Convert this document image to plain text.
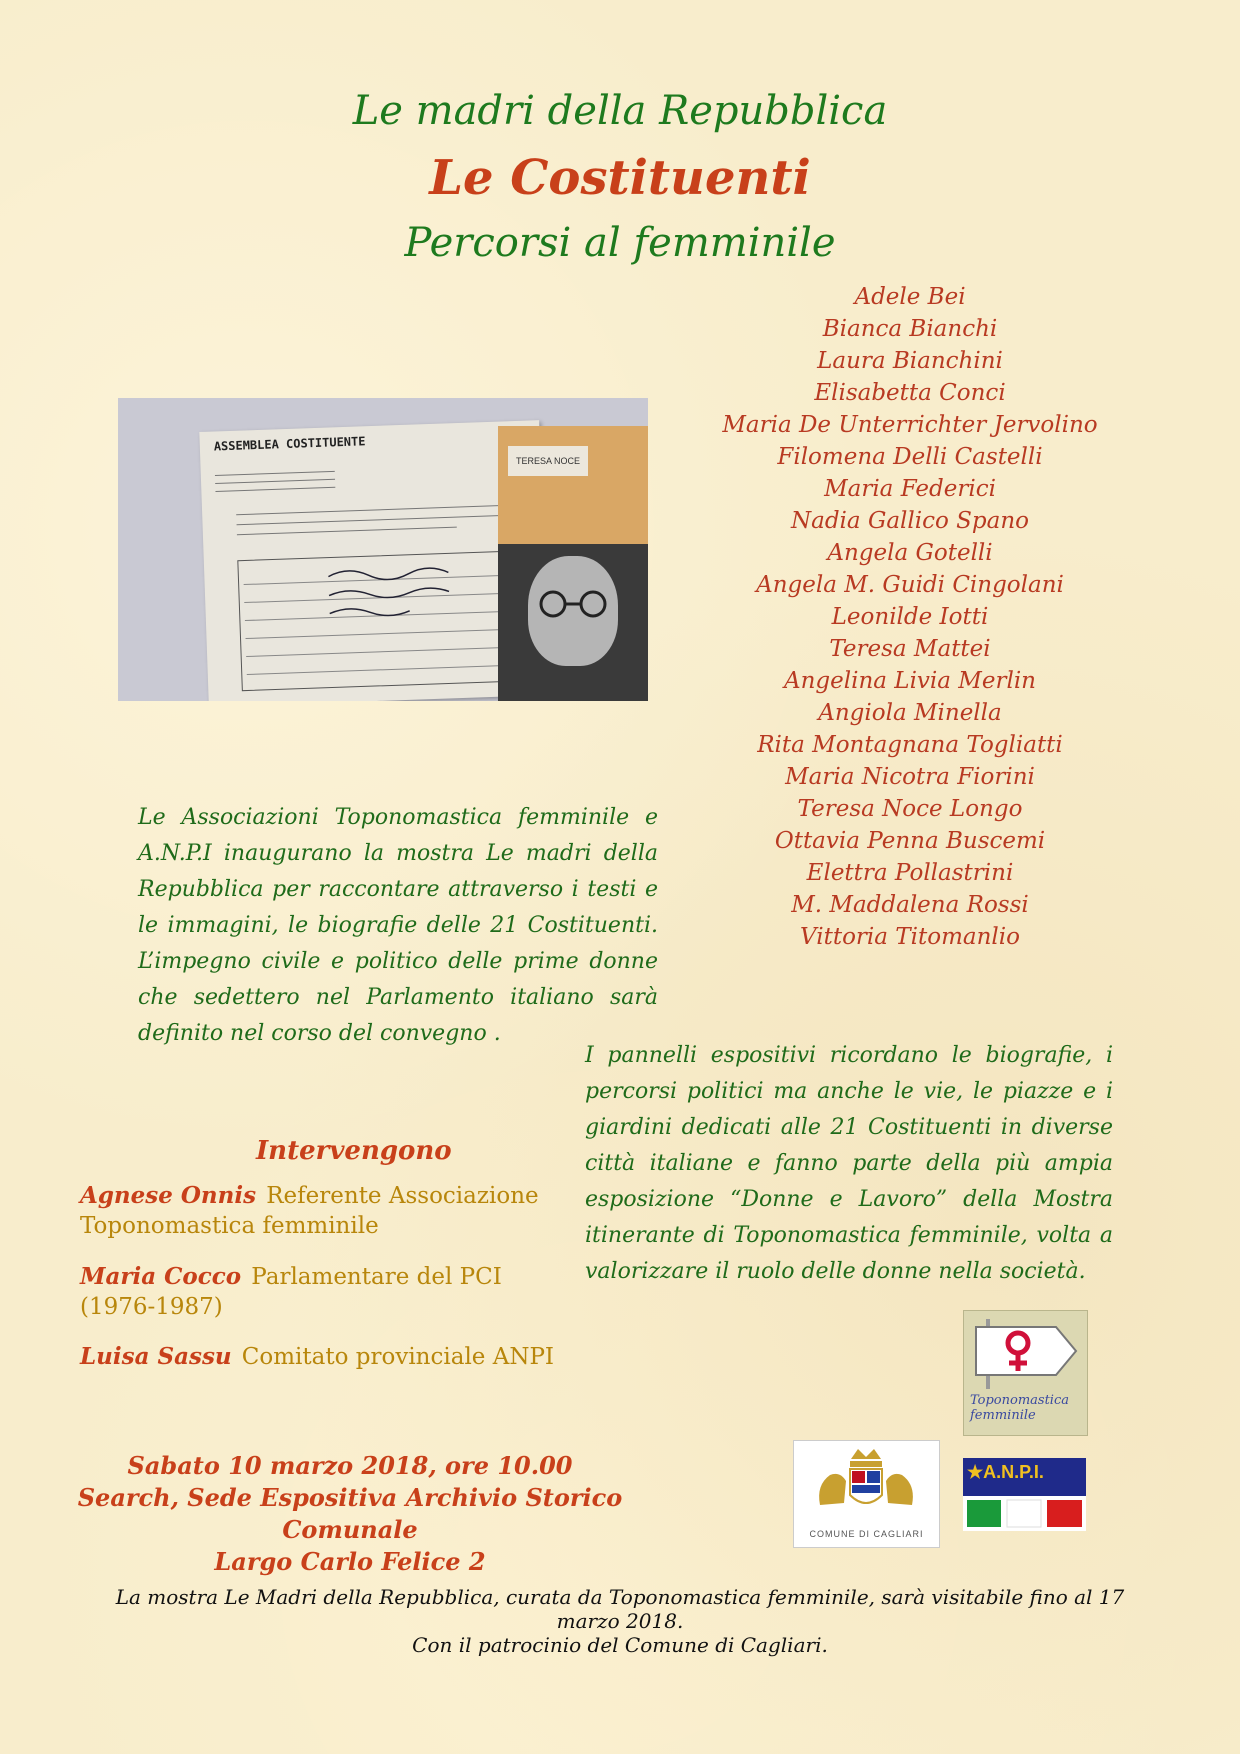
Le madri della Repubblica
Le Costituenti
Percorsi al femminile
Adele Bei
Bianca Bianchi
Laura Bianchini
Elisabetta Conci
Maria De Unterrichter Jervolino
Filomena Delli Castelli
Maria Federici
Nadia Gallico Spano
Angela Gotelli
Angela M. Guidi Cingolani
Leonilde Iotti
Teresa Mattei
Angelina Livia Merlin
Angiola Minella
Rita Montagnana Togliatti
Maria Nicotra Fiorini
Teresa Noce Longo
Ottavia Penna Buscemi
Elettra Pollastrini
M. Maddalena Rossi
Vittoria Titomanlio
ASSEMBLEA COSTITUENTE
TERESA NOCE
Le Associazioni Toponomastica femminile e A.N.P.I inaugurano la mostra Le madri della Repubblica per raccontare attraverso i testi e le immagini, le biografie delle 21 Costituenti. L’impegno civile e politico delle prime donne che sedettero nel Parlamento italiano sarà definito nel corso del convegno .
I pannelli espositivi ricordano le biografie, i percorsi politici ma anche le vie, le piazze e i giardini dedicati alle 21 Costituenti in diverse città italiane e fanno parte della più ampia esposizione “Donne e Lavoro” della Mostra itinerante di Toponomastica femminile, volta a valorizzare il ruolo delle donne nella società.
Intervengono
Agnese Onnis Referente Associazione Toponomastica femminile
Maria Cocco Parlamentare del PCI (1976-1987)
Luisa Sassu Comitato provinciale ANPI
Sabato 10 marzo 2018, ore 10.00
Search, Sede Espositiva Archivio Storico Comunale
Largo Carlo Felice 2
La mostra Le Madri della Repubblica, curata da Toponomastica femminile, sarà visitabile fino al 17 marzo 2018.
Con il patrocinio del Comune di Cagliari.
Toponomastica femminile
COMUNE DI CAGLIARI
★A.N.P.I.
